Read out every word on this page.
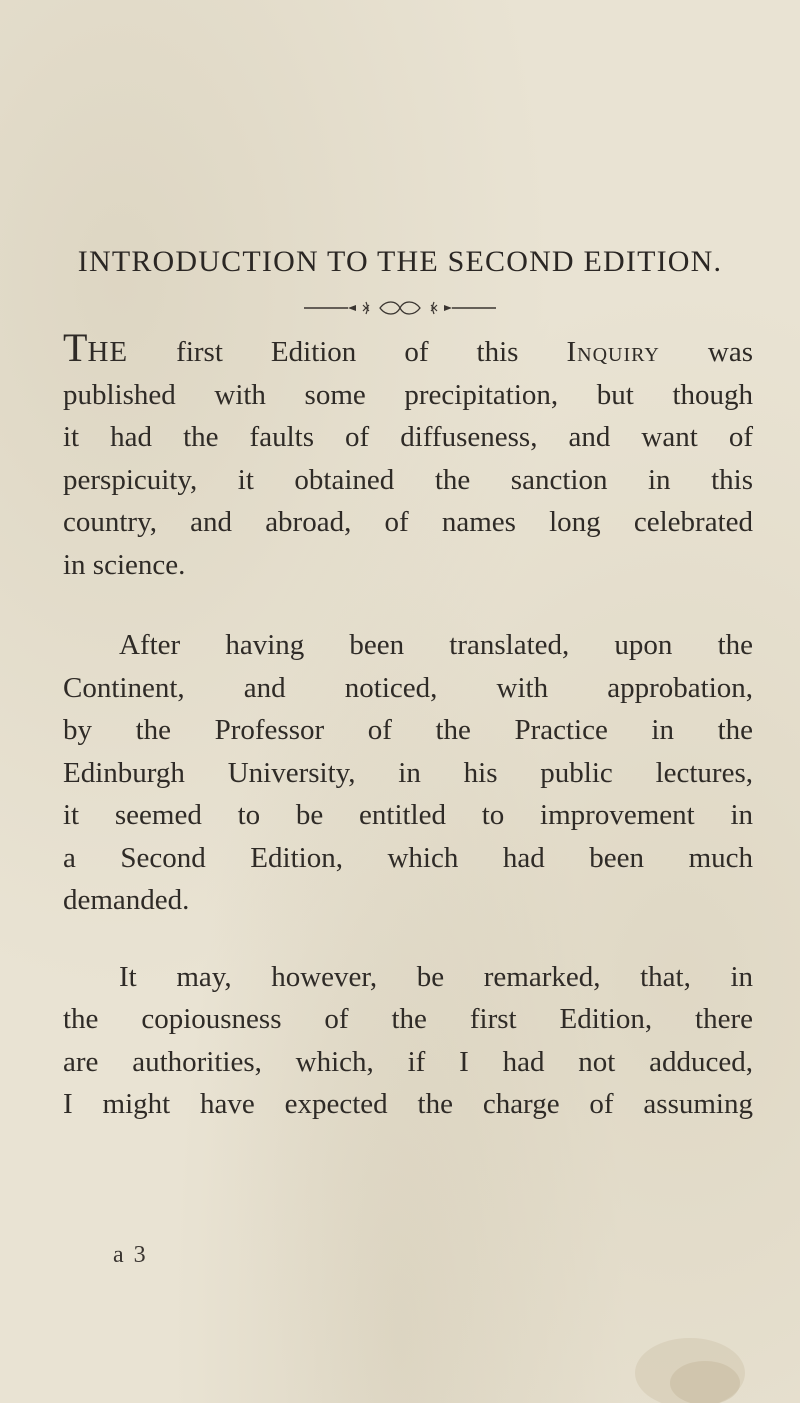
INTRODUCTION TO THE SECOND EDITION.
THE first Edition of this Inquiry was
published with some precipitation, but though
it had the faults of diffuseness, and want of
perspicuity, it obtained the sanction in this
country, and abroad, of names long celebrated
in science.
After having been translated, upon the
Continent, and noticed, with approbation,
by the Professor of the Practice in the
Edinburgh University, in his public lectures,
it seemed to be entitled to improvement in
a Second Edition, which had been much
demanded.
It may, however, be remarked, that, in
the copiousness of the first Edition, there
are authorities, which, if I had not adduced,
I might have expected the charge of assuming
a 3
